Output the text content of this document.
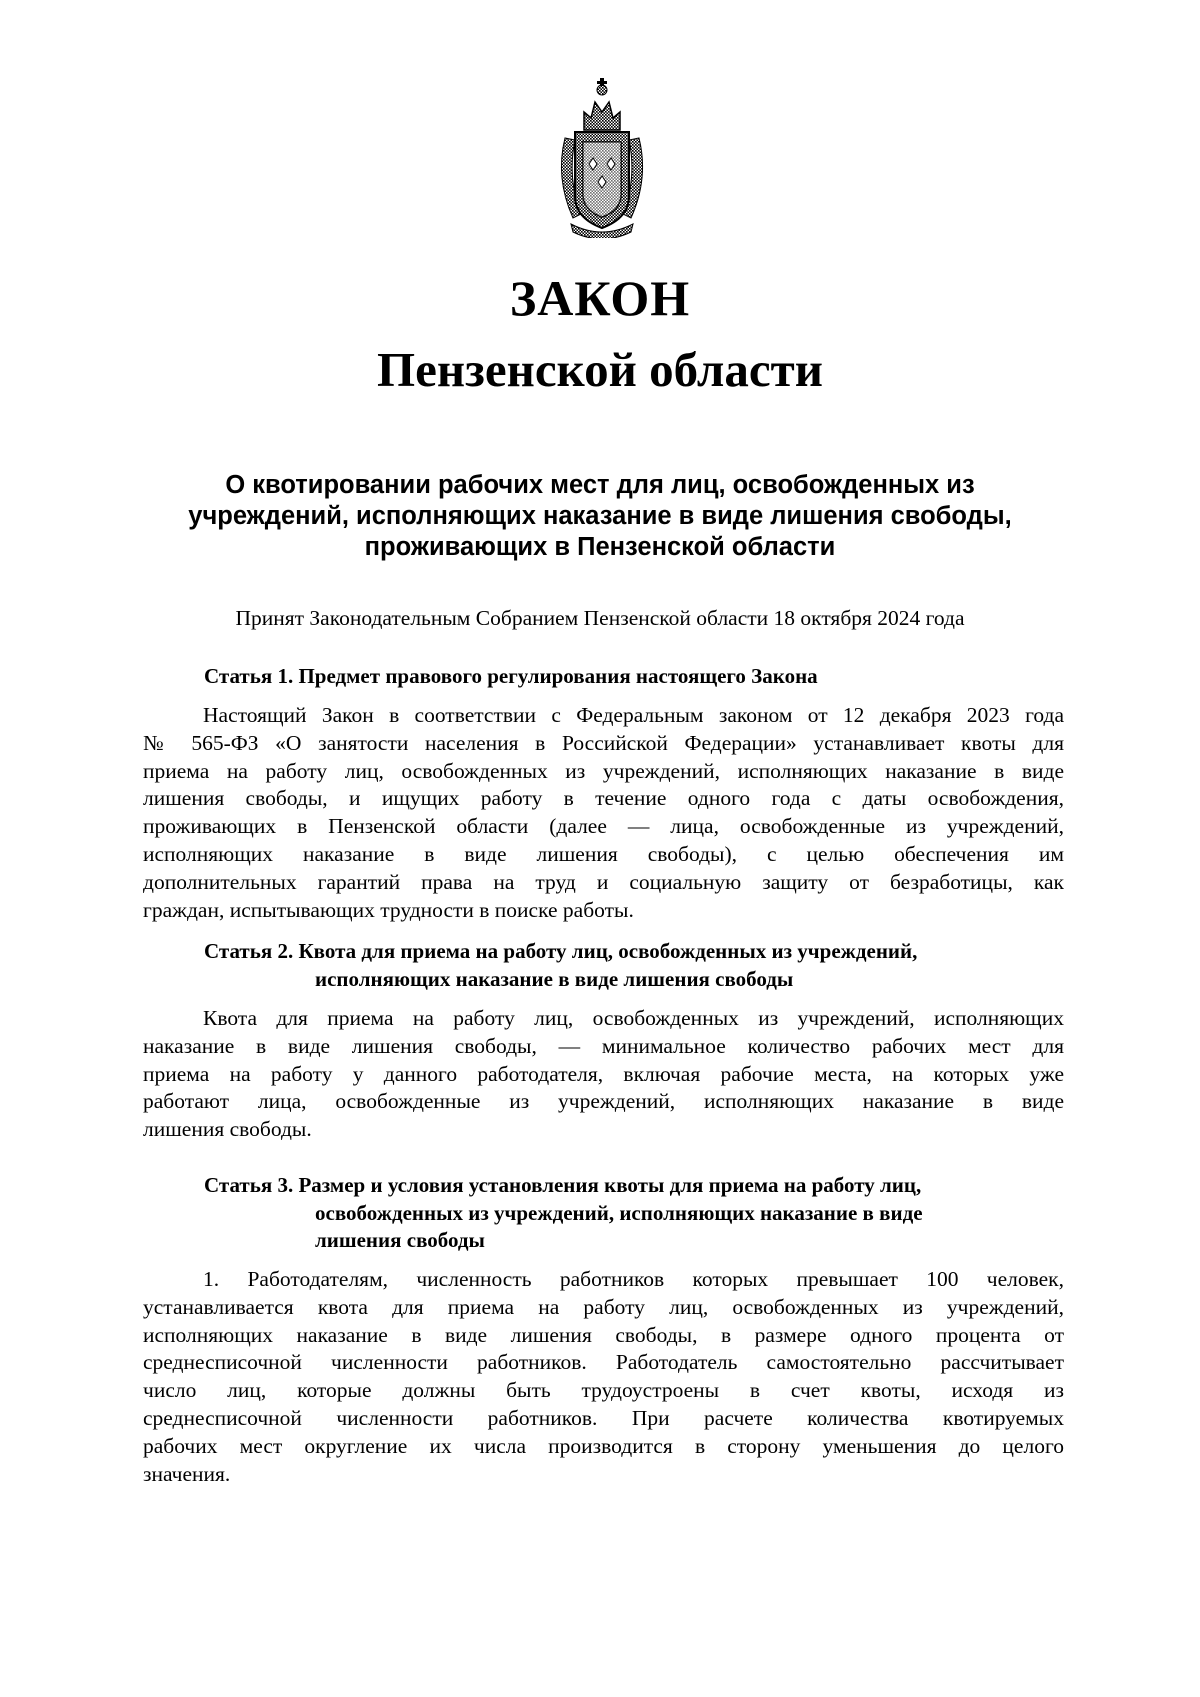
ЗАКОН
Пензенской области
О квотировании рабочих мест для лиц, освобожденных из
учреждений, исполняющих наказание в виде лишения свободы,
проживающих в Пензенской области
Принят Законодательным Собранием Пензенской области 18 октября 2024 года
Статья 1. Предмет правового регулирования настоящего Закона
Настоящий Закон в соответствии с Федеральным законом от 12 декабря 2023 года
№ 565-ФЗ «О занятости населения в Российской Федерации» устанавливает квоты для
приема на работу лиц, освобожденных из учреждений, исполняющих наказание в виде
лишения свободы, и ищущих работу в течение одного года с даты освобождения,
проживающих в Пензенской области (далее — лица, освобожденные из учреждений,
исполняющих наказание в виде лишения свободы), с целью обеспечения им
дополнительных гарантий права на труд и социальную защиту от безработицы, как
граждан, испытывающих трудности в поиске работы.
Статья 2. Квота для приема на работу лиц, освобожденных из учреждений,
исполняющих наказание в виде лишения свободы
Квота для приема на работу лиц, освобожденных из учреждений, исполняющих
наказание в виде лишения свободы, — минимальное количество рабочих мест для
приема на работу у данного работодателя, включая рабочие места, на которых уже
работают лица, освобожденные из учреждений, исполняющих наказание в виде
лишения свободы.
Статья 3. Размер и условия установления квоты для приема на работу лиц,
освобожденных из учреждений, исполняющих наказание в виде
лишения свободы
1. Работодателям, численность работников которых превышает 100 человек,
устанавливается квота для приема на работу лиц, освобожденных из учреждений,
исполняющих наказание в виде лишения свободы, в размере одного процента от
среднесписочной численности работников. Работодатель самостоятельно рассчитывает
число лиц, которые должны быть трудоустроены в счет квоты, исходя из
среднесписочной численности работников. При расчете количества квотируемых
рабочих мест округление их числа производится в сторону уменьшения до целого
значения.
